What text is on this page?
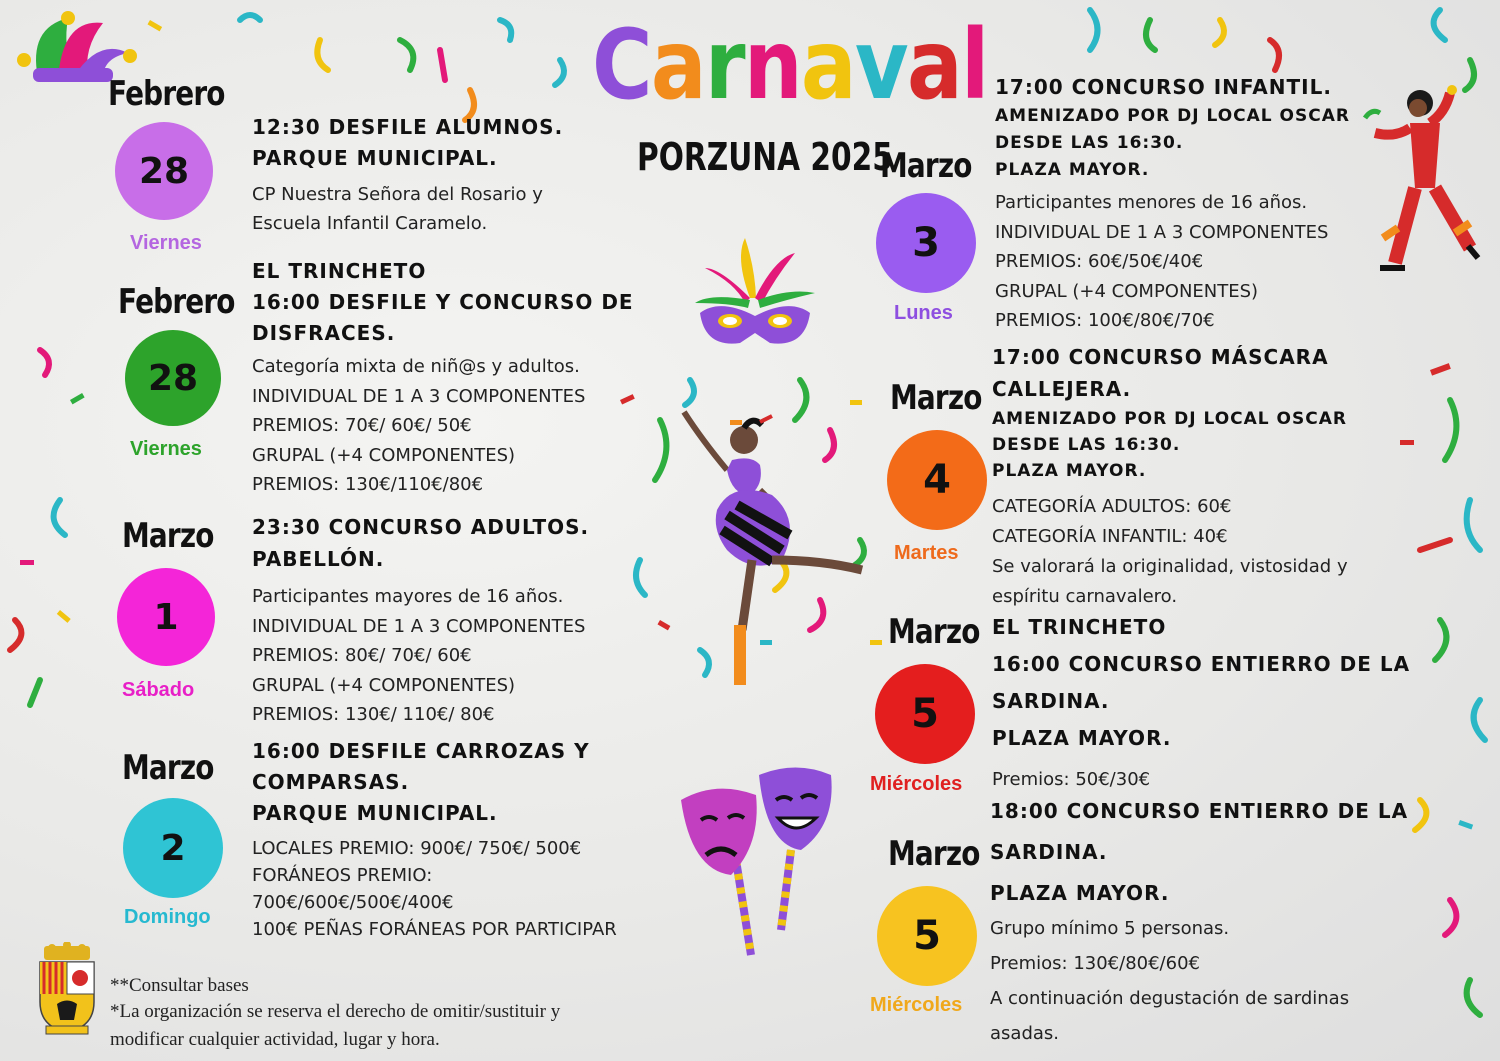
Carnaval
PORZUNA 2025
Febrero
28
Viernes
12:30 DESFILE ALUMNOS.
PARQUE MUNICIPAL.
CP Nuestra Señora del Rosario y
Escuela Infantil Caramelo.
Febrero
28
Viernes
EL TRINCHETO
16:00 DESFILE Y CONCURSO DE
DISFRACES.
Categoría mixta de niñ@s y adultos.
INDIVIDUAL DE 1 A 3 COMPONENTES
PREMIOS: 70€/ 60€/ 50€
GRUPAL (+4 COMPONENTES)
PREMIOS: 130€/110€/80€
Marzo
1
Sábado
23:30 CONCURSO ADULTOS.
PABELLÓN.
Participantes mayores de 16 años.
INDIVIDUAL DE 1 A 3 COMPONENTES
PREMIOS: 80€/ 70€/ 60€
GRUPAL (+4 COMPONENTES)
PREMIOS: 130€/ 110€/ 80€
Marzo
2
Domingo
16:00 DESFILE CARROZAS Y
COMPARSAS.
PARQUE MUNICIPAL.
LOCALES PREMIO: 900€/ 750€/ 500€
FORÁNEOS PREMIO:
700€/600€/500€/400€
100€ PEÑAS FORÁNEAS POR PARTICIPAR
Marzo
3
Lunes
17:00 CONCURSO INFANTIL.
AMENIZADO POR DJ LOCAL OSCAR
DESDE LAS 16:30.
PLAZA MAYOR.
Participantes menores de 16 años.
INDIVIDUAL DE 1 A 3 COMPONENTES
PREMIOS: 60€/50€/40€
GRUPAL (+4 COMPONENTES)
PREMIOS: 100€/80€/70€
Marzo
4
Martes
17:00 CONCURSO MÁSCARA
CALLEJERA.
AMENIZADO POR DJ LOCAL OSCAR
DESDE LAS 16:30.
PLAZA MAYOR.
CATEGORÍA ADULTOS: 60€
CATEGORÍA INFANTIL: 40€
Se valorará la originalidad, vistosidad y
espíritu carnavalero.
Marzo
5
Miércoles
EL TRINCHETO
16:00 CONCURSO ENTIERRO DE LA
SARDINA.
PLAZA MAYOR.
Premios: 50€/30€
Marzo
5
Miércoles
18:00 CONCURSO ENTIERRO DE LA
SARDINA.
PLAZA MAYOR.
Grupo mínimo 5 personas.
Premios: 130€/80€/60€
A continuación degustación de sardinas
asadas.
**Consultar bases
*La organización se reserva el derecho de omitir/sustituir y
modificar cualquier actividad, lugar y hora.
